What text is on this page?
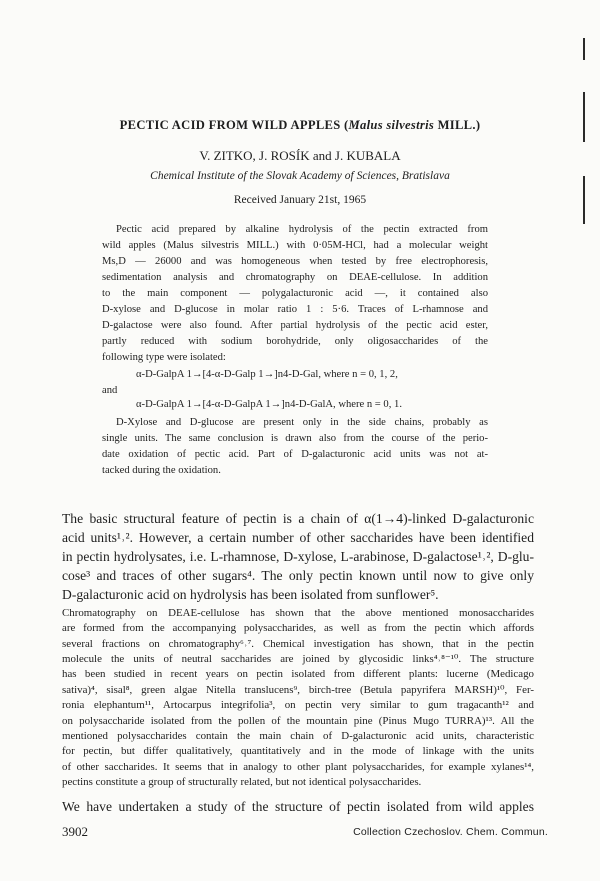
PECTIC ACID FROM WILD APPLES (Malus silvestris MILL.)
V. ZITKO, J. ROSÍK and J. KUBALA
Chemical Institute of the Slovak Academy of Sciences, Bratislava
Received January 21st, 1965
Pectic acid prepared by alkaline hydrolysis of the pectin extracted from
wild apples (Malus silvestris MILL.) with 0·05M-HCl, had a molecular weight
Ms,D — 26000 and was homogeneous when tested by free electrophoresis,
sedimentation analysis and chromatography on DEAE-cellulose. In addition
to the main component — polygalacturonic acid —, it contained also
D-xylose and D-glucose in molar ratio 1 : 5·6. Traces of L-rhamnose and
D-galactose were also found. After partial hydrolysis of the pectic acid ester,
partly reduced with sodium borohydride, only oligosaccharides of the
following type were isolated:
α-D-GalpA 1→[4-α-D-Galp 1→]n4-D-Gal, where n = 0, 1, 2,
and
α-D-GalpA 1→[4-α-D-GalpA 1→]n4-D-GalA, where n = 0, 1.
D-Xylose and D-glucose are present only in the side chains, probably as
single units. The same conclusion is drawn also from the course of the perio-
date oxidation of pectic acid. Part of D-galacturonic acid units was not at-
tacked during the oxidation.
The basic structural feature of pectin is a chain of α(1→4)-linked D-galacturonic
acid units¹˒². However, a certain number of other saccharides have been identified
in pectin hydrolysates, i.e. L-rhamnose, D-xylose, L-arabinose, D-galactose¹˒², D-glu-
cose³ and traces of other sugars⁴. The only pectin known until now to give only
D-galacturonic acid on hydrolysis has been isolated from sunflower⁵.
Chromatography on DEAE-cellulose has shown that the above mentioned monosaccharides
are formed from the accompanying polysaccharides, as well as from the pectin which affords
several fractions on chromatography⁶˒⁷. Chemical investigation has shown, that in the pectin
molecule the units of neutral saccharides are joined by glycosidic links⁴˒⁸⁻¹⁰. The structure
has been studied in recent years on pectin isolated from different plants: lucerne (Medicago
sativa)⁴, sisal⁸, green algae Nitella translucens⁹, birch-tree (Betula papyrifera MARSH)¹⁰, Fer-
ronia elephantum¹¹, Artocarpus integrifolia³, on pectin very similar to gum tragacanth¹² and
on polysaccharide isolated from the pollen of the mountain pine (Pinus Mugo TURRA)¹³. All the
mentioned polysaccharides contain the main chain of D-galacturonic acid units, characteristic
for pectin, but differ qualitatively, quantitatively and in the mode of linkage with the units
of other saccharides. It seems that in analogy to other plant polysaccharides, for example xylanes¹⁴,
pectins constitute a group of structurally related, but not identical polysaccharides.
We have undertaken a study of the structure of pectin isolated from wild apples
3902	Collection Czechoslov. Chem. Commun.
